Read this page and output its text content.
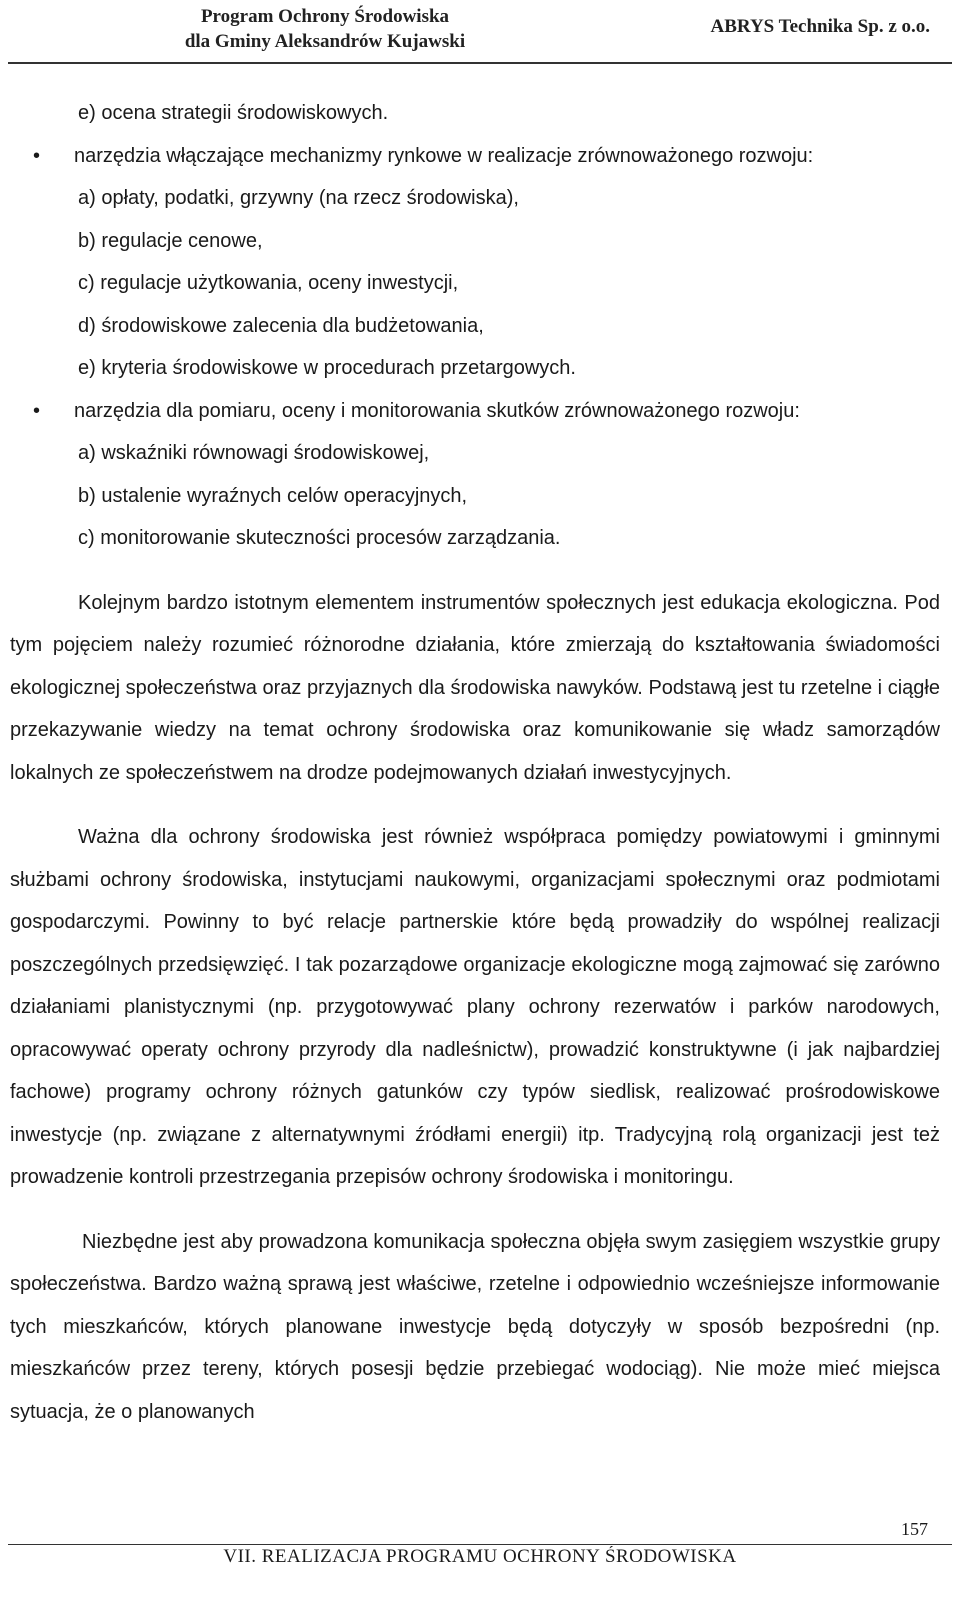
Program Ochrony Środowiska
dla Gminy Aleksandrów Kujawski
ABRYS Technika Sp. z o.o.
e) ocena strategii środowiskowych.
• narzędzia włączające mechanizmy rynkowe w realizacje zrównoważonego rozwoju:
a) opłaty, podatki, grzywny (na rzecz środowiska),
b) regulacje cenowe,
c) regulacje użytkowania, oceny inwestycji,
d) środowiskowe zalecenia dla budżetowania,
e) kryteria środowiskowe w procedurach przetargowych.
• narzędzia dla pomiaru, oceny i monitorowania skutków zrównoważonego rozwoju:
a) wskaźniki równowagi środowiskowej,
b) ustalenie wyraźnych celów operacyjnych,
c) monitorowanie skuteczności procesów zarządzania.

Kolejnym bardzo istotnym elementem instrumentów społecznych jest edukacja ekologiczna. Pod tym pojęciem należy rozumieć różnorodne działania, które zmierzają do kształtowania świadomości ekologicznej społeczeństwa oraz przyjaznych dla środowiska nawyków. Podstawą jest tu rzetelne i ciągłe przekazywanie wiedzy na temat ochrony środowiska oraz komunikowanie się władz samorządów lokalnych ze społeczeństwem na drodze podejmowanych działań inwestycyjnych.

Ważna dla ochrony środowiska jest również współpraca pomiędzy powiatowymi i gminnymi służbami ochrony środowiska, instytucjami naukowymi, organizacjami społecznymi oraz podmiotami gospodarczymi. Powinny to być relacje partnerskie które będą prowadziły do wspólnej realizacji poszczególnych przedsięwzięć. I tak pozarządowe organizacje ekologiczne mogą zajmować się zarówno działaniami planistycznymi (np. przygotowywać plany ochrony rezerwatów i parków narodowych, opracowywać operaty ochrony przyrody dla nadleśnictw), prowadzić konstruktywne (i jak najbardziej fachowe) programy ochrony różnych gatunków czy typów siedlisk, realizować prośrodowiskowe inwestycje (np. związane z alternatywnymi źródłami energii) itp. Tradycyjną rolą organizacji jest też prowadzenie kontroli przestrzegania przepisów ochrony środowiska i monitoringu.

Niezbędne jest aby prowadzona komunikacja społeczna objęła swym zasięgiem wszystkie grupy społeczeństwa. Bardzo ważną sprawą jest właściwe, rzetelne i odpowiednio wcześniejsze informowanie tych mieszkańców, których planowane inwestycje będą dotyczyły w sposób bezpośredni (np. mieszkańców przez tereny, których posesji będzie przebiegać wodociąg). Nie może mieć miejsca sytuacja, że o planowanych

157
VII. REALIZACJA PROGRAMU OCHRONY ŚRODOWISKA
